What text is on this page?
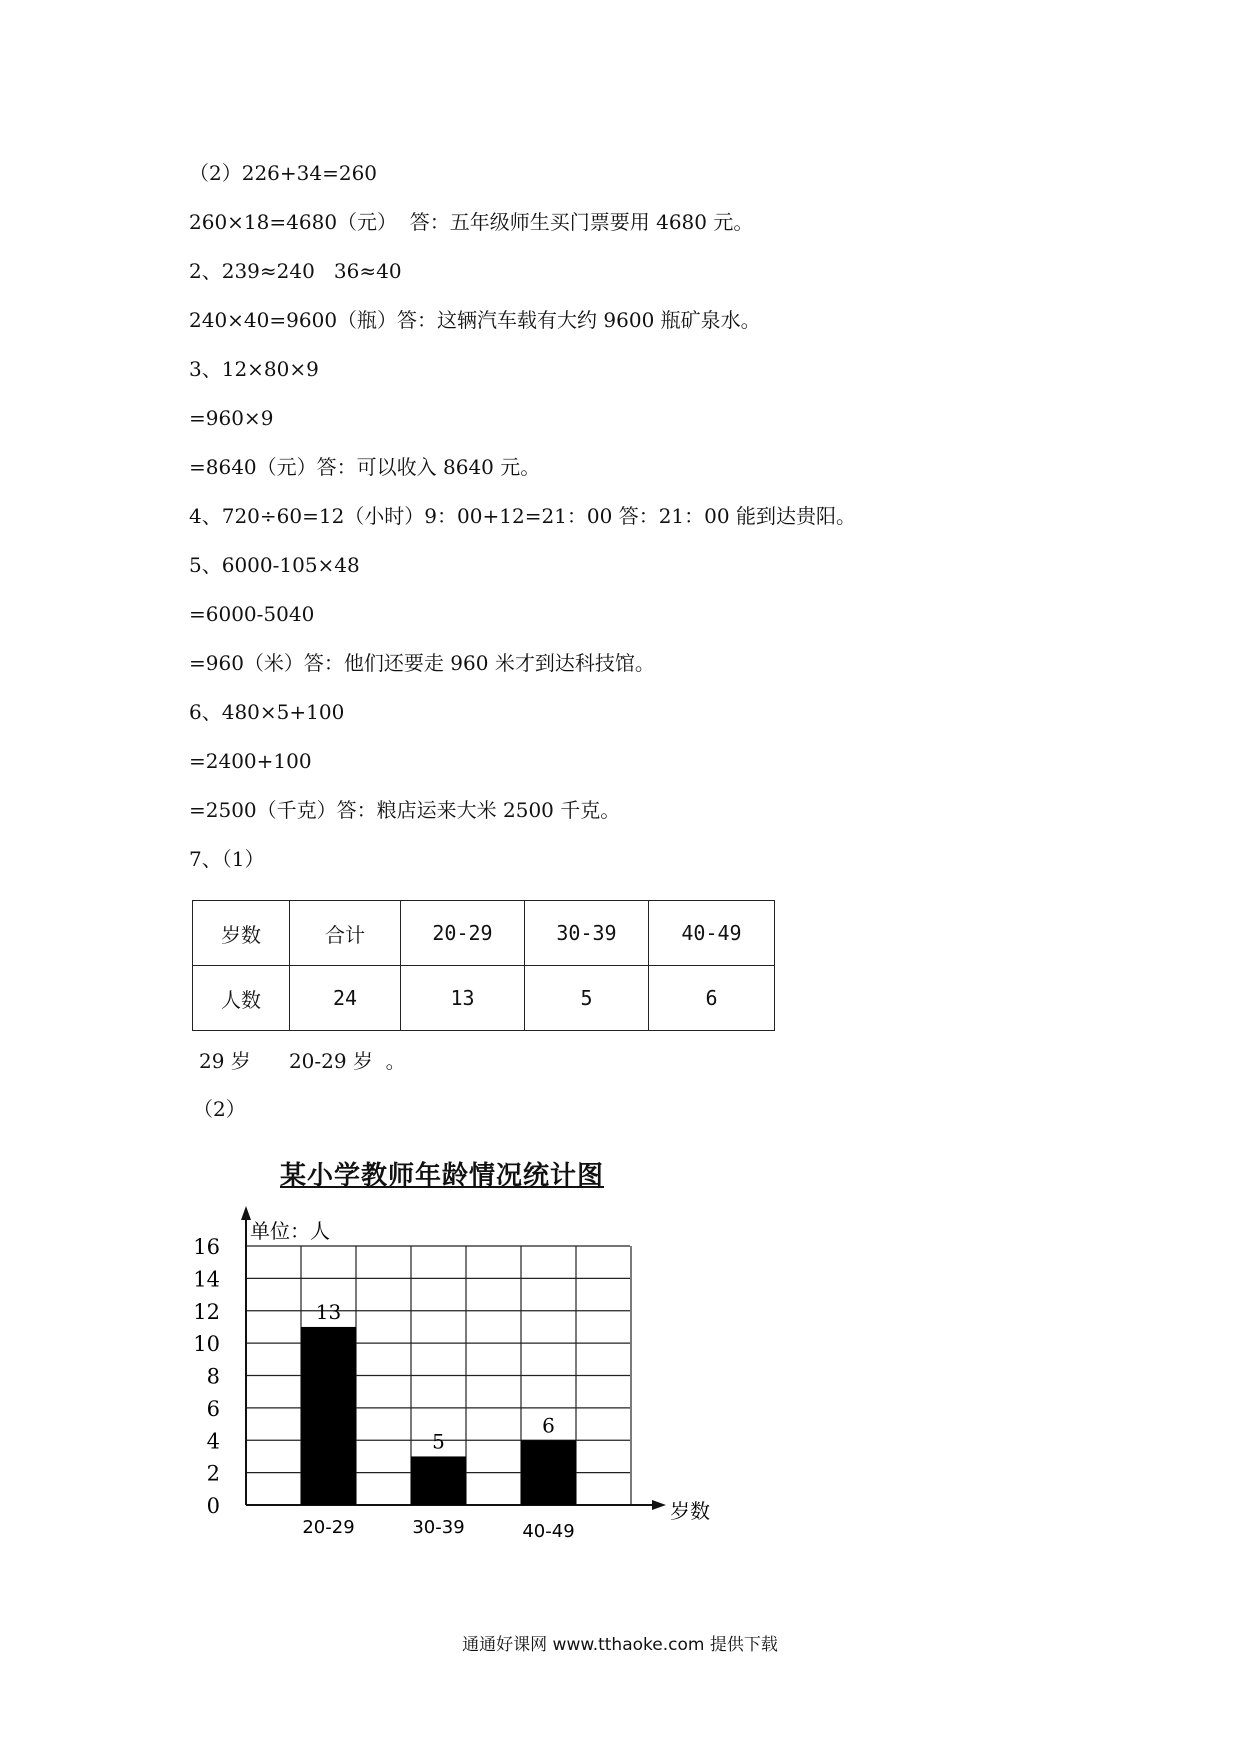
（2）226+34=260
260×18=4680（元）  答：五年级师生买门票要用 4680 元。
2、239≈240   36≈40
240×40=9600（瓶）答：这辆汽车载有大约 9600 瓶矿泉水。
3、12×80×9
=960×9
=8640（元）答：可以收入 8640 元。
4、720÷60=12（小时）9：00+12=21：00 答：21：00 能到达贵阳。
5、6000-105×48
=6000-5040
=960（米）答：他们还要走 960 米才到达科技馆。
6、480×5+100
=2400+100
=2500（千克）答：粮店运来大米 2500 千克。
7、（1）
岁数	合计	20-29	30-39	40-49
人数	24	13	5	6
29 岁      20-29 岁  。
（2）
某小学教师年龄情况统计图
0
2
4
6
8
10
12
14
16
单位：人
13
20-29
5
30-39
6
40-49
岁数
通通好课网 www.tthaoke.com 提供下载
